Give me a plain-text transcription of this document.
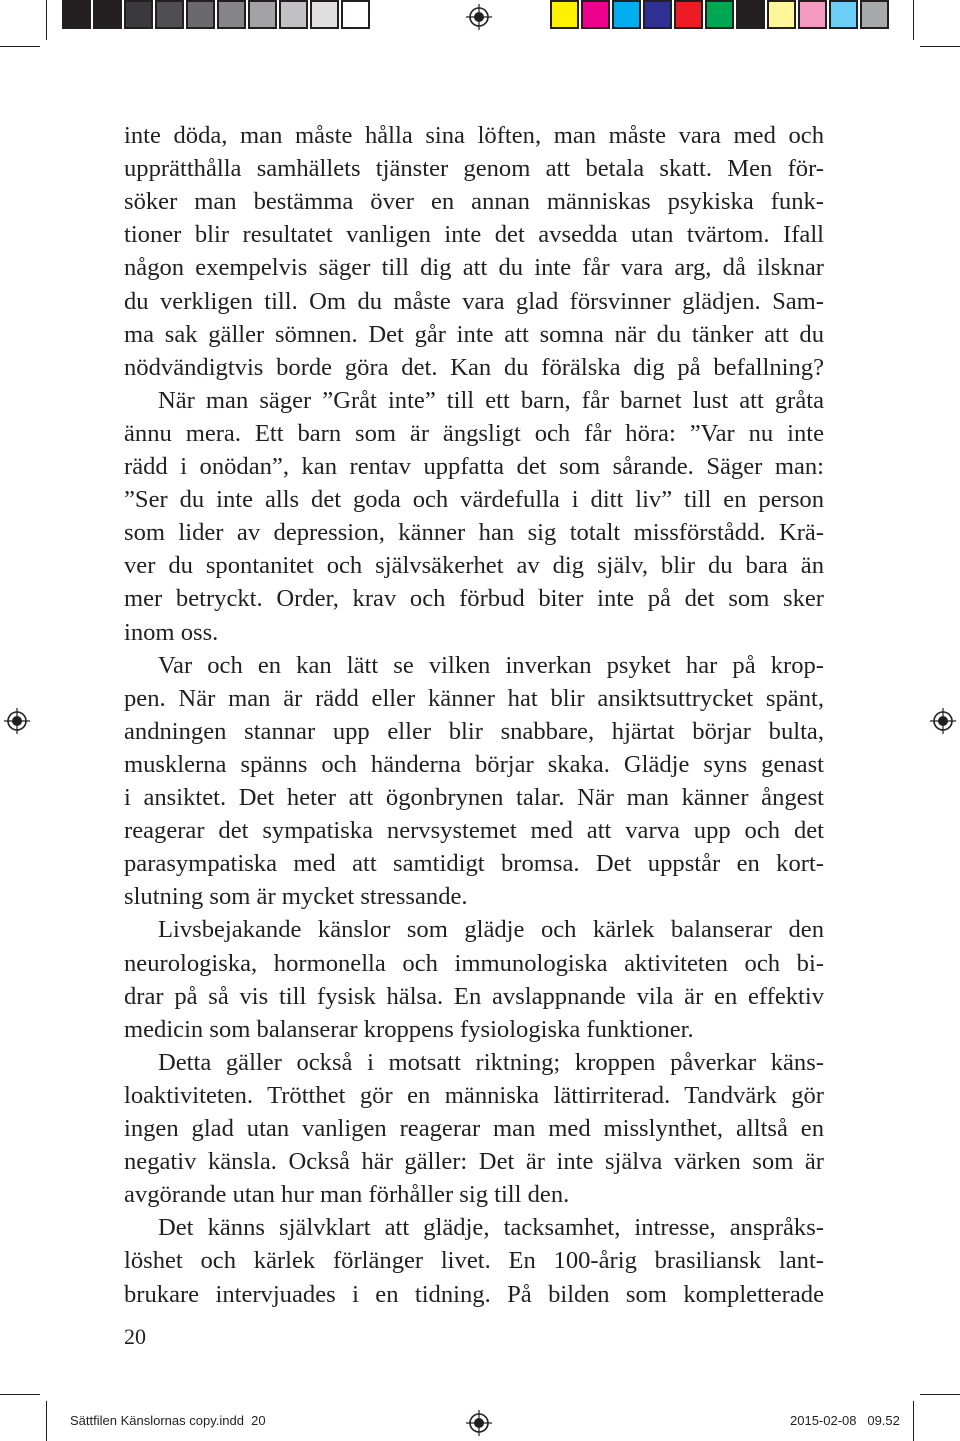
inte döda, man måste hålla sina löften, man måste vara med och
upprätthålla samhällets tjänster genom att betala skatt. Men för-
söker man bestämma över en annan människas psykiska funk-
tioner blir resultatet vanligen inte det avsedda utan tvärtom. Ifall
någon exempelvis säger till dig att du inte får vara arg, då ilsknar
du verkligen till. Om du måste vara glad försvinner glädjen. Sam-
ma sak gäller sömnen. Det går inte att somna när du tänker att du
nödvändigtvis borde göra det. Kan du förälska dig på befallning?
När man säger ”Gråt inte” till ett barn, får barnet lust att gråta
ännu mera. Ett barn som är ängsligt och får höra: ”Var nu inte
rädd i onödan”, kan rentav uppfatta det som sårande. Säger man:
”Ser du inte alls det goda och värdefulla i ditt liv” till en person
som lider av depression, känner han sig totalt missförstådd. Krä-
ver du spontanitet och självsäkerhet av dig själv, blir du bara än
mer betryckt. Order, krav och förbud biter inte på det som sker
inom oss.
Var och en kan lätt se vilken inverkan psyket har på krop-
pen. När man är rädd eller känner hat blir ansiktsuttrycket spänt,
andningen stannar upp eller blir snabbare, hjärtat börjar bulta,
musklerna spänns och händerna börjar skaka. Glädje syns genast
i ansiktet. Det heter att ögonbrynen talar. När man känner ångest
reagerar det sympatiska nervsystemet med att varva upp och det
parasympatiska med att samtidigt bromsa. Det uppstår en kort-
slutning som är mycket stressande.
Livsbejakande känslor som glädje och kärlek balanserar den
neurologiska, hormonella och immunologiska aktiviteten och bi-
drar på så vis till fysisk hälsa. En avslappnande vila är en effektiv
medicin som balanserar kroppens fysiologiska funktioner.
Detta gäller också i motsatt riktning; kroppen påverkar käns-
loaktiviteten. Trötthet gör en människa lättirriterad. Tandvärk gör
ingen glad utan vanligen reagerar man med misslynthet, alltså en
negativ känsla. Också här gäller: Det är inte själva värken som är
avgörande utan hur man förhåller sig till den.
Det känns självklart att glädje, tacksamhet, intresse, anspråks-
löshet och kärlek förlänger livet. En 100-årig brasiliansk lant-
brukare intervjuades i en tidning. På bilden som kompletterade
20
Sättfilen Känslornas copy.indd 20	2015-02-08 09.52
